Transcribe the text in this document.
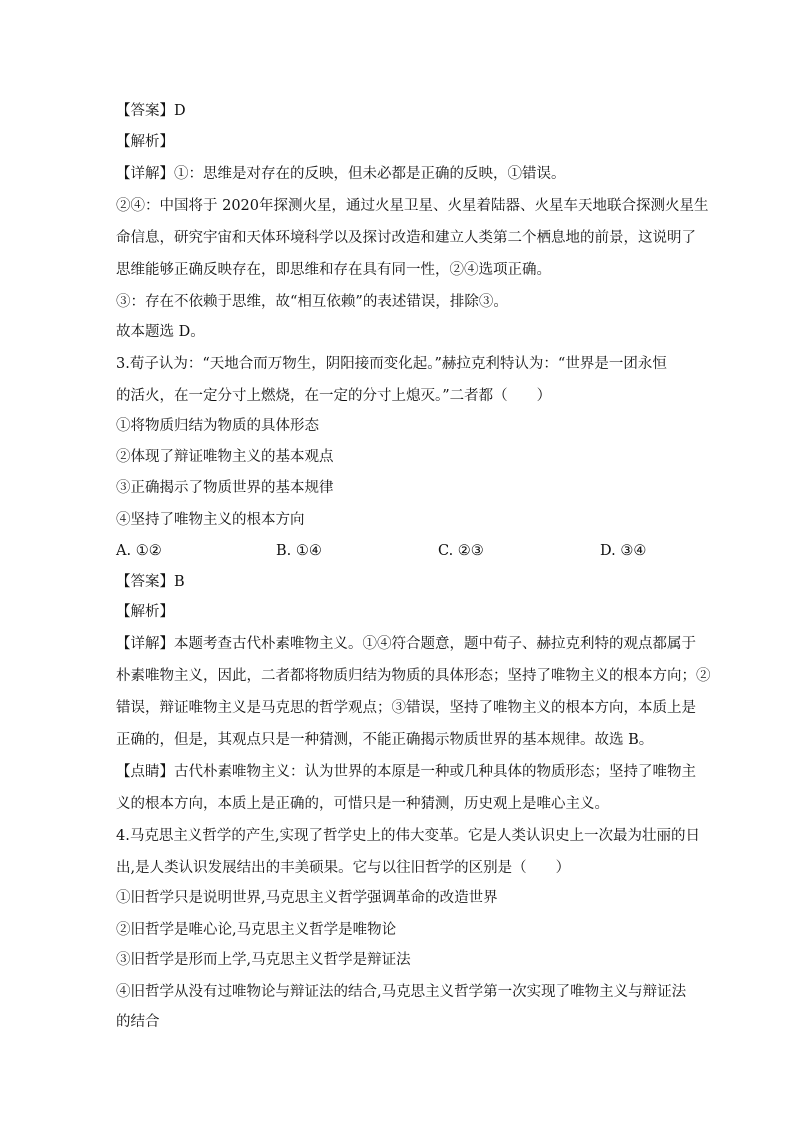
【答案】D
【解析】
【详解】①：思维是对存在的反映，但未必都是正确的反映，①错误。
②④：中国将于 2020年探测火星，通过火星卫星、火星着陆器、火星车天地联合探测火星生
命信息，研究宇宙和天体环境科学以及探讨改造和建立人类第二个栖息地的前景，这说明了
思维能够正确反映存在，即思维和存在具有同一性，②④选项正确。
③：存在不依赖于思维，故“相互依赖”的表述错误，排除③。
故本题选 D。
3.荀子认为：“天地合而万物生，阴阳接而变化起。”赫拉克利特认为：“世界是一团永恒
的活火，在一定分寸上燃烧，在一定的分寸上熄灭。”二者都（　　）
①将物质归结为物质的具体形态
②体现了辩证唯物主义的基本观点
③正确揭示了物质世界的基本规律
④坚持了唯物主义的根本方向
A. ①②	B. ①④	C. ②③	D. ③④
【答案】B
【解析】
【详解】本题考查古代朴素唯物主义。①④符合题意，题中荀子、赫拉克利特的观点都属于
朴素唯物主义，因此，二者都将物质归结为物质的具体形态；坚持了唯物主义的根本方向；②
错误，辩证唯物主义是马克思的哲学观点；③错误，坚持了唯物主义的根本方向，本质上是
正确的，但是，其观点只是一种猜测，不能正确揭示物质世界的基本规律。故选 B。
【点睛】古代朴素唯物主义：认为世界的本原是一种或几种具体的物质形态；坚持了唯物主
义的根本方向，本质上是正确的，可惜只是一种猜测，历史观上是唯心主义。
4.马克思主义哲学的产生,实现了哲学史上的伟大变革。它是人类认识史上一次最为壮丽的日
出,是人类认识发展结出的丰美硕果。它与以往旧哲学的区别是（　　）
①旧哲学只是说明世界,马克思主义哲学强调革命的改造世界
②旧哲学是唯心论,马克思主义哲学是唯物论
③旧哲学是形而上学,马克思主义哲学是辩证法
④旧哲学从没有过唯物论与辩证法的结合,马克思主义哲学第一次实现了唯物主义与辩证法
的结合
